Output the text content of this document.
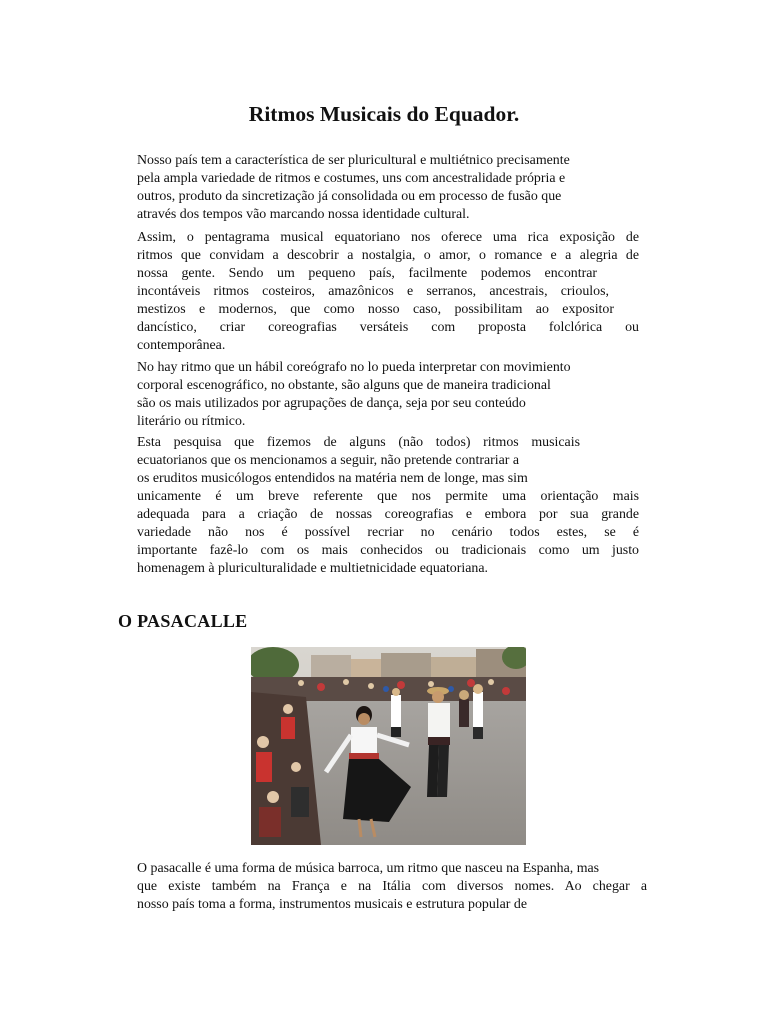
Ritmos Musicais do Equador.

Nosso país tem a característica de ser pluricultural e multiétnico precisamente
pela ampla variedade de ritmos e costumes, uns com ancestralidade própria e
outros, produto da sincretização já consolidada ou em processo de fusão que
através dos tempos vão marcando nossa identidade cultural.

Assim, o pentagrama musical equatoriano nos oferece uma rica exposição de
ritmos que convidam a descobrir a nostalgia, o amor, o romance e a alegria de
nossa gente. Sendo um pequeno país, facilmente podemos encontrar
incontáveis ritmos costeiros, amazônicos e serranos, ancestrais, crioulos,
mestizos e modernos, que como nosso caso, possibilitam ao expositor
dancístico, criar coreografias versáteis com proposta folclórica ou
contemporânea.

No hay ritmo que un hábil coreógrafo no lo pueda interpretar con movimiento
corporal escenográfico, no obstante, são alguns que de maneira tradicional
são os mais utilizados por agrupações de dança, seja por seu conteúdo
literário ou rítmico.

Esta pesquisa que fizemos de alguns (não todos) ritmos musicais
ecuatorianos que os mencionamos a seguir, não pretende contrariar a
os eruditos musicólogos entendidos na matéria nem de longe, mas sim
unicamente é um breve referente que nos permite uma orientação mais
adequada para a criação de nossas coreografias e embora por sua grande
variedade não nos é possível recriar no cenário todos estes, se é
importante fazê-lo com os mais conhecidos ou tradicionais como um justo
homenagem à pluriculturalidade e multietnicidade equatoriana.

O PASACALLE

O pasacalle é uma forma de música barroca, um ritmo que nasceu na Espanha, mas
que existe também na França e na Itália com diversos nomes. Ao chegar a
nosso país toma a forma, instrumentos musicais e estrutura popular de
